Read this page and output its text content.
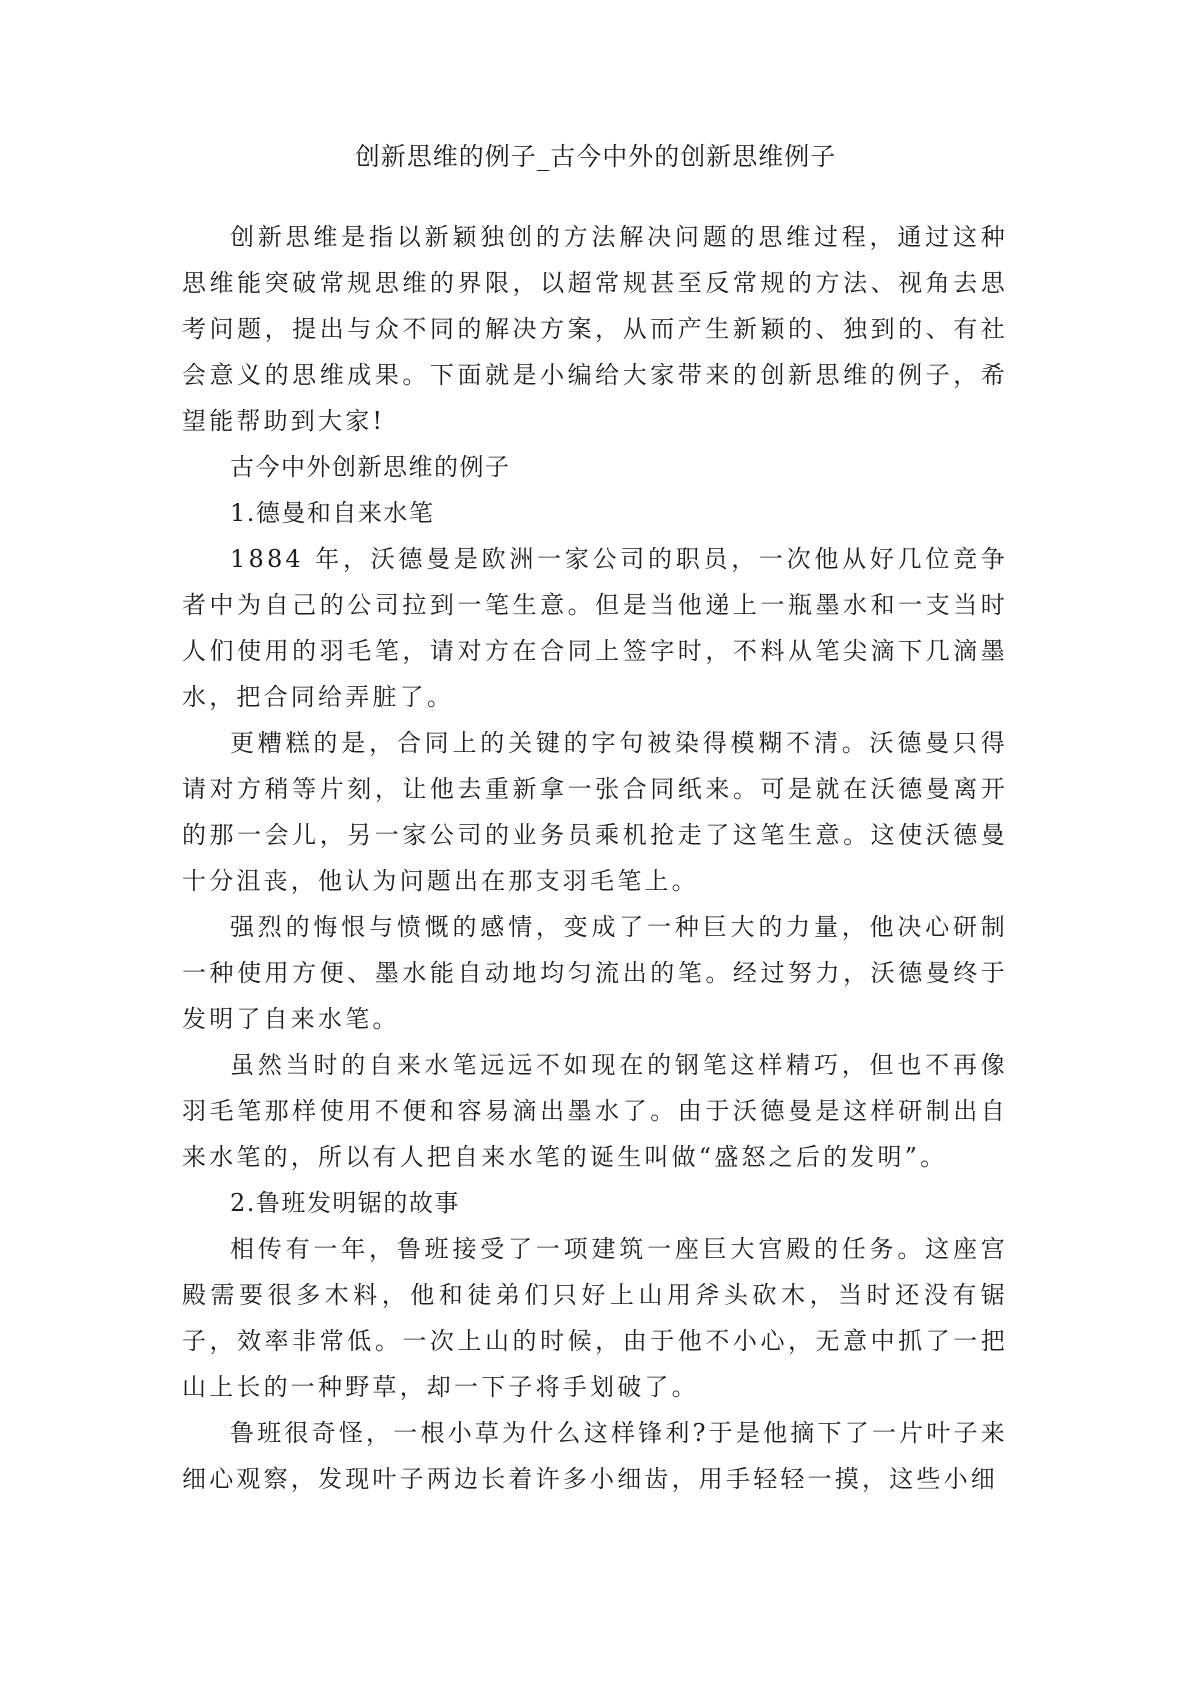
创新思维的例子_古今中外的创新思维例子

创新思维是指以新颖独创的方法解决问题的思维过程，通过这种思维能突破常规思维的界限，以超常规甚至反常规的方法、视角去思考问题，提出与众不同的解决方案，从而产生新颖的、独到的、有社会意义的思维成果。下面就是小编给大家带来的创新思维的例子，希望能帮助到大家!

古今中外创新思维的例子

1.德曼和自来水笔

1884 年，沃德曼是欧洲一家公司的职员，一次他从好几位竞争者中为自己的公司拉到一笔生意。但是当他递上一瓶墨水和一支当时人们使用的羽毛笔，请对方在合同上签字时，不料从笔尖滴下几滴墨水，把合同给弄脏了。

更糟糕的是，合同上的关键的字句被染得模糊不清。沃德曼只得请对方稍等片刻，让他去重新拿一张合同纸来。可是就在沃德曼离开的那一会儿，另一家公司的业务员乘机抢走了这笔生意。这使沃德曼十分沮丧，他认为问题出在那支羽毛笔上。

强烈的悔恨与愤慨的感情，变成了一种巨大的力量，他决心研制一种使用方便、墨水能自动地均匀流出的笔。经过努力，沃德曼终于发明了自来水笔。

虽然当时的自来水笔远远不如现在的钢笔这样精巧，但也不再像羽毛笔那样使用不便和容易滴出墨水了。由于沃德曼是这样研制出自来水笔的，所以有人把自来水笔的诞生叫做“盛怒之后的发明”。

2.鲁班发明锯的故事

相传有一年，鲁班接受了一项建筑一座巨大宫殿的任务。这座宫殿需要很多木料，他和徒弟们只好上山用斧头砍木，当时还没有锯子，效率非常低。一次上山的时候，由于他不小心，无意中抓了一把山上长的一种野草，却一下子将手划破了。

鲁班很奇怪，一根小草为什么这样锋利?于是他摘下了一片叶子来细心观察，发现叶子两边长着许多小细齿，用手轻轻一摸，这些小细
